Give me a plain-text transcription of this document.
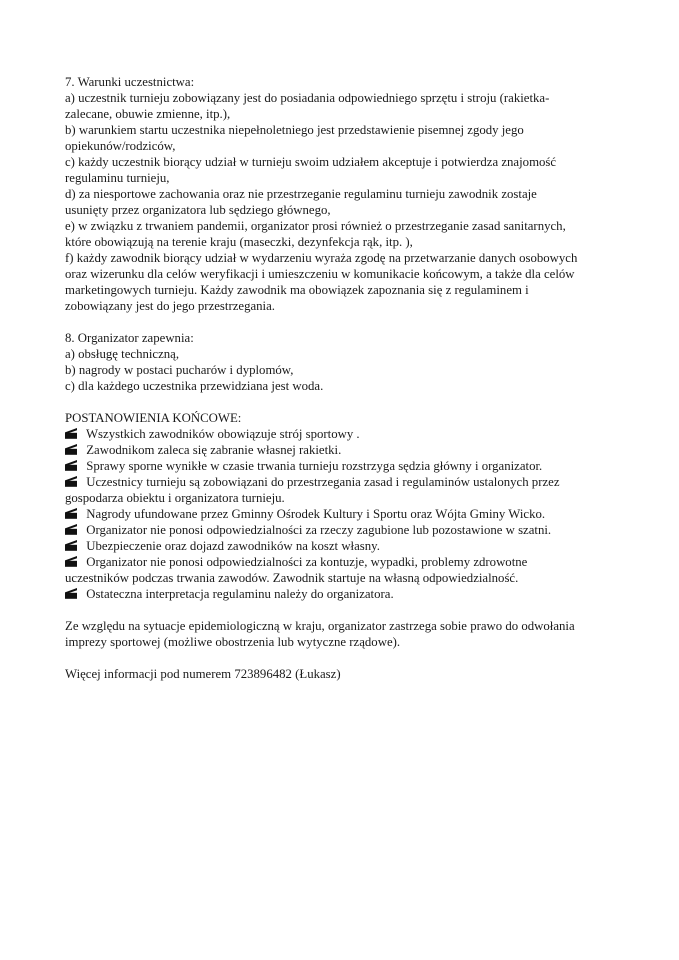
7. Warunki uczestnictwa:
a) uczestnik turnieju zobowiązany jest do posiadania odpowiedniego sprzętu i stroju (rakietka-
zalecane, obuwie zmienne, itp.),
b) warunkiem startu uczestnika niepełnoletniego jest przedstawienie pisemnej zgody jego
opiekunów/rodziców,
c) każdy uczestnik biorący udział w turnieju swoim udziałem akceptuje i potwierdza znajomość
regulaminu turnieju,
d) za niesportowe zachowania oraz nie przestrzeganie regulaminu turnieju zawodnik zostaje
usunięty przez organizatora lub sędziego głównego,
e) w związku z trwaniem pandemii, organizator prosi również o przestrzeganie zasad sanitarnych,
które obowiązują na terenie kraju (maseczki, dezynfekcja rąk, itp. ),
f) każdy zawodnik biorący udział w wydarzeniu wyraża zgodę na przetwarzanie danych osobowych
oraz wizerunku dla celów weryfikacji i umieszczeniu w komunikacie końcowym, a także dla celów
marketingowych turnieju. Każdy zawodnik ma obowiązek zapoznania się z regulaminem i
zobowiązany jest do jego przestrzegania.
8. Organizator zapewnia:
a) obsługę techniczną,
b) nagrody w postaci pucharów i dyplomów,
c) dla każdego uczestnika przewidziana jest woda.
POSTANOWIENIA KOŃCOWE:
Wszystkich zawodników obowiązuje strój sportowy .
Zawodnikom zaleca się zabranie własnej rakietki.
Sprawy sporne wynikłe w czasie trwania turnieju rozstrzyga sędzia główny i organizator.
Uczestnicy turnieju są zobowiązani do przestrzegania zasad i regulaminów ustalonych przez
gospodarza obiektu i organizatora turnieju.
Nagrody ufundowane przez Gminny Ośrodek Kultury i Sportu oraz Wójta Gminy Wicko.
Organizator nie ponosi odpowiedzialności za rzeczy zagubione lub pozostawione w szatni.
Ubezpieczenie oraz dojazd zawodników na koszt własny.
Organizator nie ponosi odpowiedzialności za kontuzje, wypadki, problemy zdrowotne
uczestników podczas trwania zawodów. Zawodnik startuje na własną odpowiedzialność.
Ostateczna interpretacja regulaminu należy do organizatora.
Ze względu na sytuacje epidemiologiczną w kraju, organizator zastrzega sobie prawo do odwołania
imprezy sportowej (możliwe obostrzenia lub wytyczne rządowe).
Więcej informacji pod numerem 723896482 (Łukasz)
